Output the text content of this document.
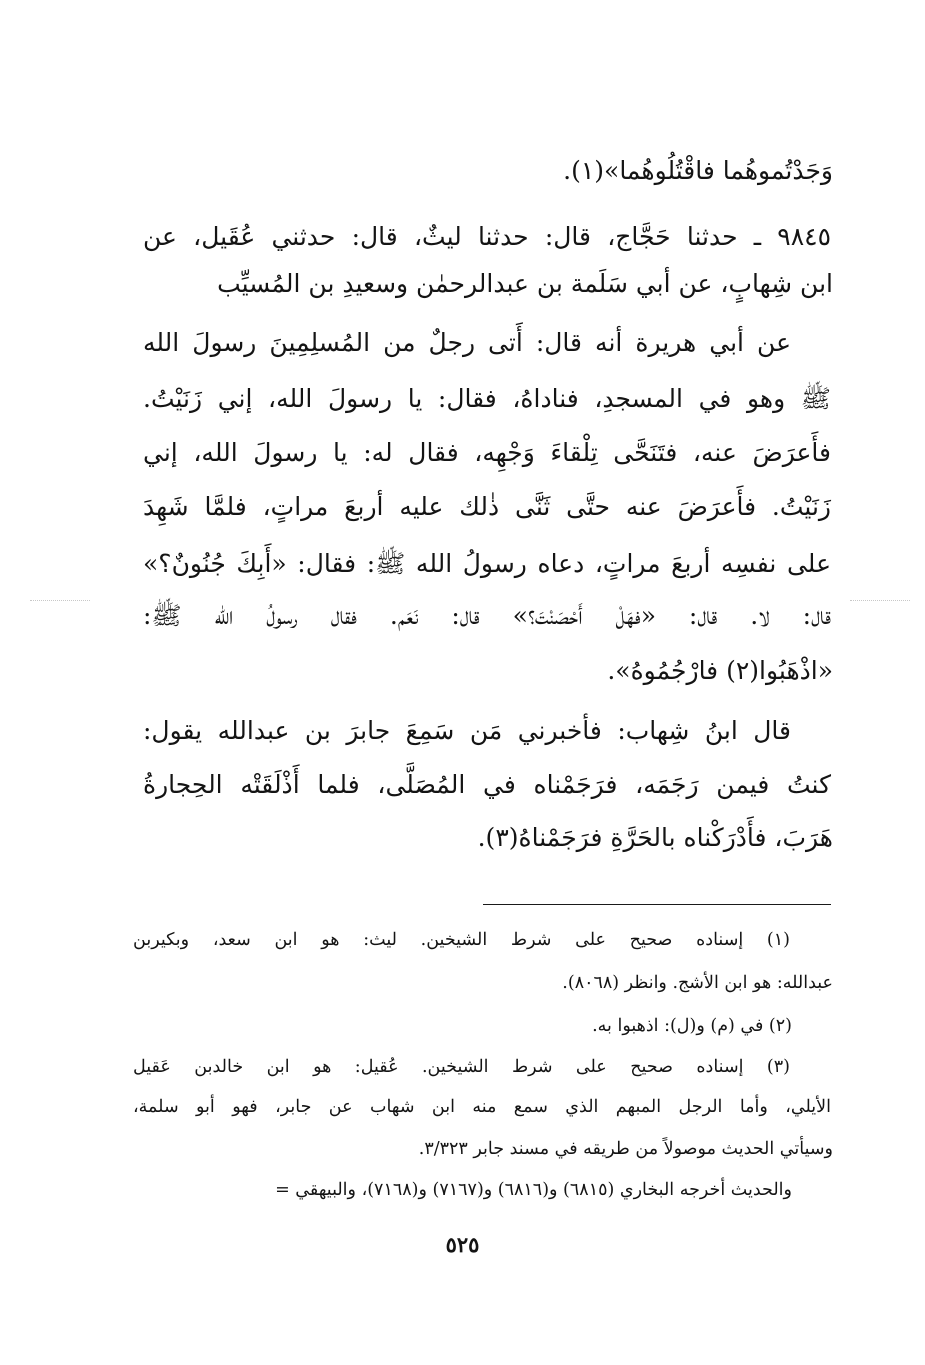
وَجَدْتُموهُما فاقْتُلُوهُما»(١).
٩٨٤٥ ـ حدثنا حَجَّاج، قال: حدثنا ليثٌ، قال: حدثني عُقَيل، عن
ابن شِهابٍ، عن أبي سَلَمة بن عبدالرحمٰن وسعيدِ بن المُسيِّب
عن أبي هريرة أنه قال: أَتى رجلٌ من المُسلِمِينَ رسولَ الله
ﷺ وهو في المسجدِ، فناداهُ، فقال: يا رسولَ الله، إني زَنَيْتُ.
فأَعرَضَ عنه، فتَنَحَّى تِلْقاءَ وَجْهِه، فقال له: يا رسولَ الله، إني
زَنَيْتُ. فأَعرَضَ عنه حتَّى ثَنَّى ذٰلك عليه أربعَ مراتٍ، فلمَّا شَهِدَ
على نفسِه أربعَ مراتٍ، دعاه رسولُ الله ﷺ: فقال: «أَبِكَ جُنُونٌ؟»
قال: لا. قال: «فهَلْ أَحْصَنْتَ؟» قال: نَعَم. فقال رسولُ الله ﷺ:
«اذْهَبُوا(٢) فارْجُمُوهُ».
قال ابنُ شِهاب: فأخبرني مَن سَمِعَ جابرَ بن عبدالله يقول:
كنتُ فيمن رَجَمَه، فرَجَمْناه في المُصَلَّى، فلما أَذْلَقَتْه الحِجارةُ
هَرَبَ، فأَدْرَكْناه بالحَرَّةِ فرَجَمْناهُ(٣).
(١) إسناده صحيح على شرط الشيخين. ليث: هو ابن سعد، وبكيربن
عبدالله: هو ابن الأشج. وانظر (٨٠٦٨).
(٢) في (م) و(ل): اذهبوا به.
(٣) إسناده صحيح على شرط الشيخين. عُقيل: هو ابن خالدبن عَقيل
الأيلي، وأما الرجل المبهم الذي سمع منه ابن شهاب عن جابر، فهو أبو سلمة،
وسيأتي الحديث موصولاً من طريقه في مسند جابر ٣/٣٢٣.
والحديث أخرجه البخاري (٦٨١٥) و(٦٨١٦) و(٧١٦٧) و(٧١٦٨)، والبيهقي =
٥٢٥
